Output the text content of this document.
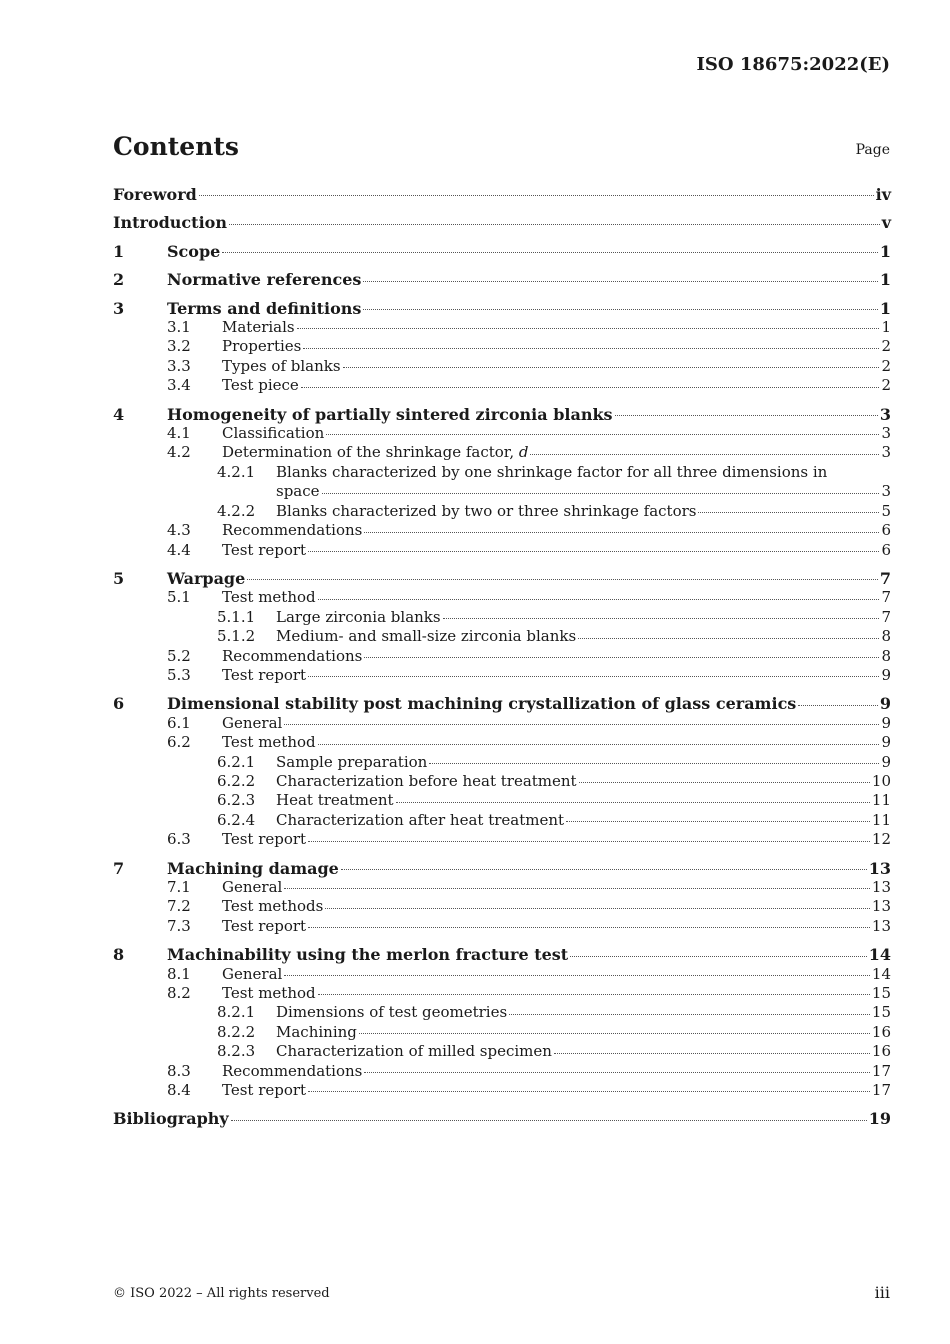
ISO 18675:2022(E)
Contents	Page
Foreword	iv
Introduction	v
1	Scope	1
2	Normative references	1
3	Terms and definitions	1
3.1	Materials	1
3.2	Properties	2
3.3	Types of blanks	2
3.4	Test piece	2
4	Homogeneity of partially sintered zirconia blanks	3
4.1	Classification	3
4.2	Determination of the shrinkage factor, d	3
4.2.1	Blanks characterized by one shrinkage factor for all three dimensions in
space	3
4.2.2	Blanks characterized by two or three shrinkage factors	5
4.3	Recommendations	6
4.4	Test report	6
5	Warpage	7
5.1	Test method	7
5.1.1	Large zirconia blanks	7
5.1.2	Medium- and small-size zirconia blanks	8
5.2	Recommendations	8
5.3	Test report	9
6	Dimensional stability post machining crystallization of glass ceramics	9
6.1	General	9
6.2	Test method	9
6.2.1	Sample preparation	9
6.2.2	Characterization before heat treatment	10
6.2.3	Heat treatment	11
6.2.4	Characterization after heat treatment	11
6.3	Test report	12
7	Machining damage	13
7.1	General	13
7.2	Test methods	13
7.3	Test report	13
8	Machinability using the merlon fracture test	14
8.1	General	14
8.2	Test method	15
8.2.1	Dimensions of test geometries	15
8.2.2	Machining	16
8.2.3	Characterization of milled specimen	16
8.3	Recommendations	17
8.4	Test report	17
Bibliography	19
© ISO 2022 – All rights reserved	iii
